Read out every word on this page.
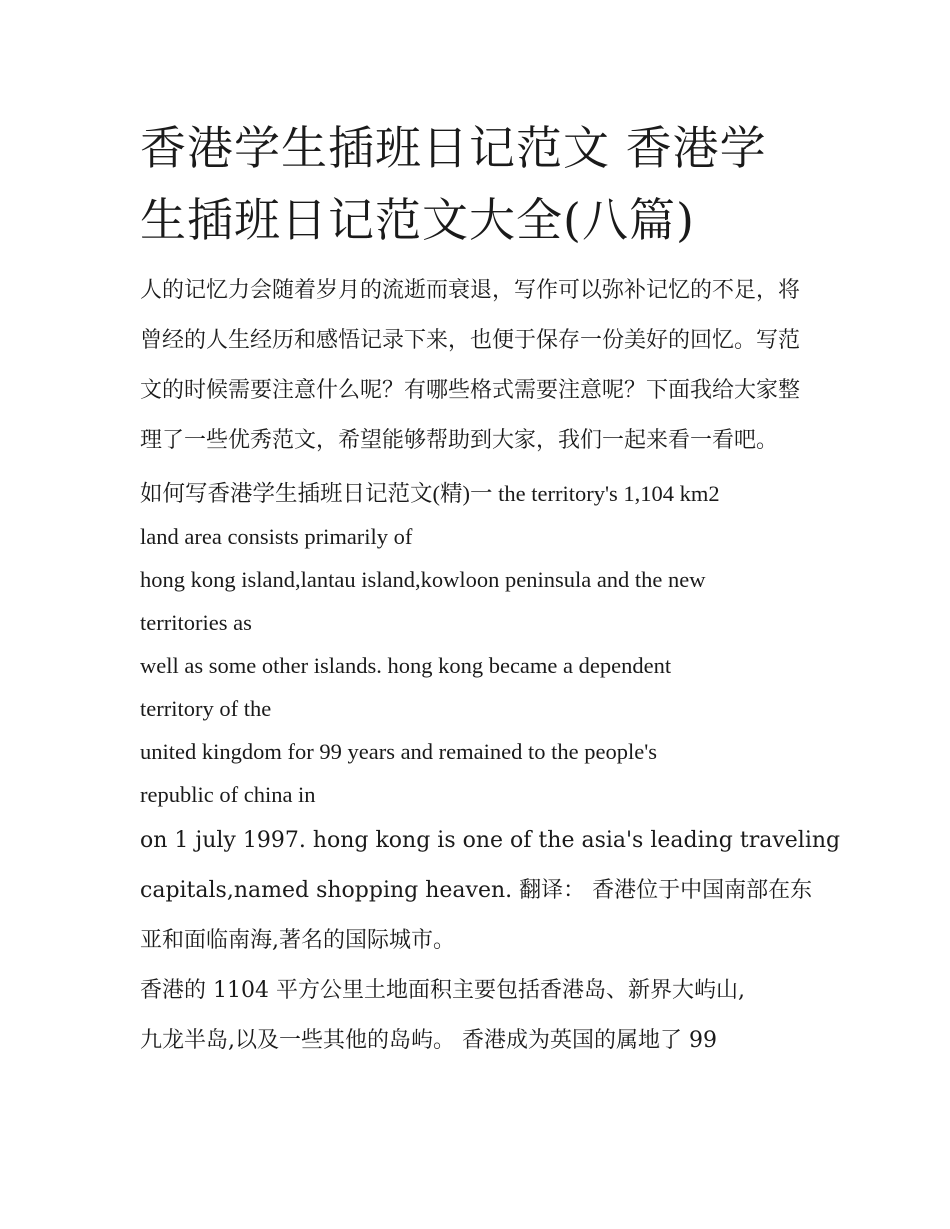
香港学生插班日记范文 香港学
生插班日记范文大全(八篇)

人的记忆力会随着岁月的流逝而衰退，写作可以弥补记忆的不足，将曾经的人生经历和感悟记录下来，也便于保存一份美好的回忆。写范文的时候需要注意什么呢？有哪些格式需要注意呢？下面我给大家整理了一些优秀范文，希望能够帮助到大家，我们一起来看一看吧。

如何写香港学生插班日记范文(精)一 the territory's 1,104 km2
land area consists primarily of
hong kong island,lantau island,kowloon peninsula and the new
territories as
well as some other islands. hong kong became a dependent
territory of the
united kingdom for 99 years and remained to the people's
republic of china in
on 1 july 1997. hong kong is one of the asia's leading traveling
capitals,named shopping heaven. 翻译： 香港位于中国南部在东
亚和面临南海,著名的国际城市。
香港的 1104 平方公里土地面积主要包括香港岛、新界大屿山,
九龙半岛,以及一些其他的岛屿。 香港成为英国的属地了 99
